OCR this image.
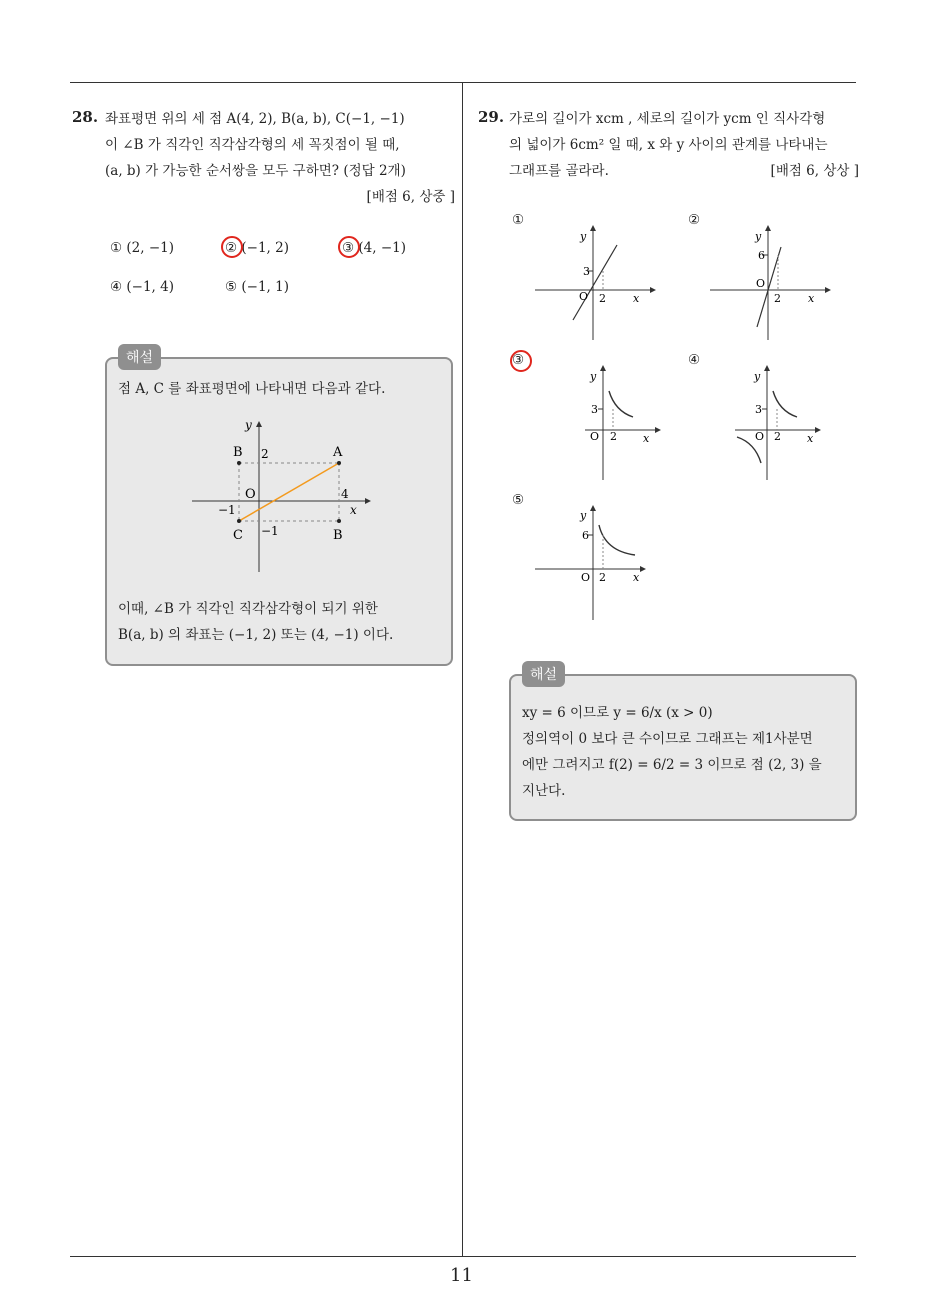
11
28. 좌표평면 위의 세 점 A(4, 2), B(a, b), C(−1, −1)
이 ∠B 가 직각인 직각삼각형의 세 꼭짓점이 될 때,
(a, b) 가 가능한 순서쌍을 모두 구하면? (정답 2개)
[배점 6, 상중 ]
① (2, −1)	② (−1, 2)	③ (4, −1)
④ (−1, 4)	⑤ (−1, 1)
해설
점 A, C 를 좌표평면에 나타내면 다음과 같다.
y
x
O
B	A
C	B
2
−1
4
−1
이때, ∠B 가 직각인 직각삼각형이 되기 위한
B(a, b) 의 좌표는 (−1, 2) 또는 (4, −1) 이다.
29. 가로의 길이가 xcm , 세로의 길이가 ycm 인 직사각형
의 넓이가 6cm² 일 때, x 와 y 사이의 관계를 나타내는
그래프를 골라라.	[배점 6, 상상 ]
①	②
③	④
⑤
y
3
O 2 x
y
6
O
2 x
y
3
O 2 x
y
3
O 2 x
y
6
O 2 x
해설
xy = 6 이므로 y = 6/x (x > 0)
정의역이 0 보다 큰 수이므로 그래프는 제1사분면
에만 그려지고 f(2) = 6/2 = 3 이므로 점 (2, 3) 을
지난다.
